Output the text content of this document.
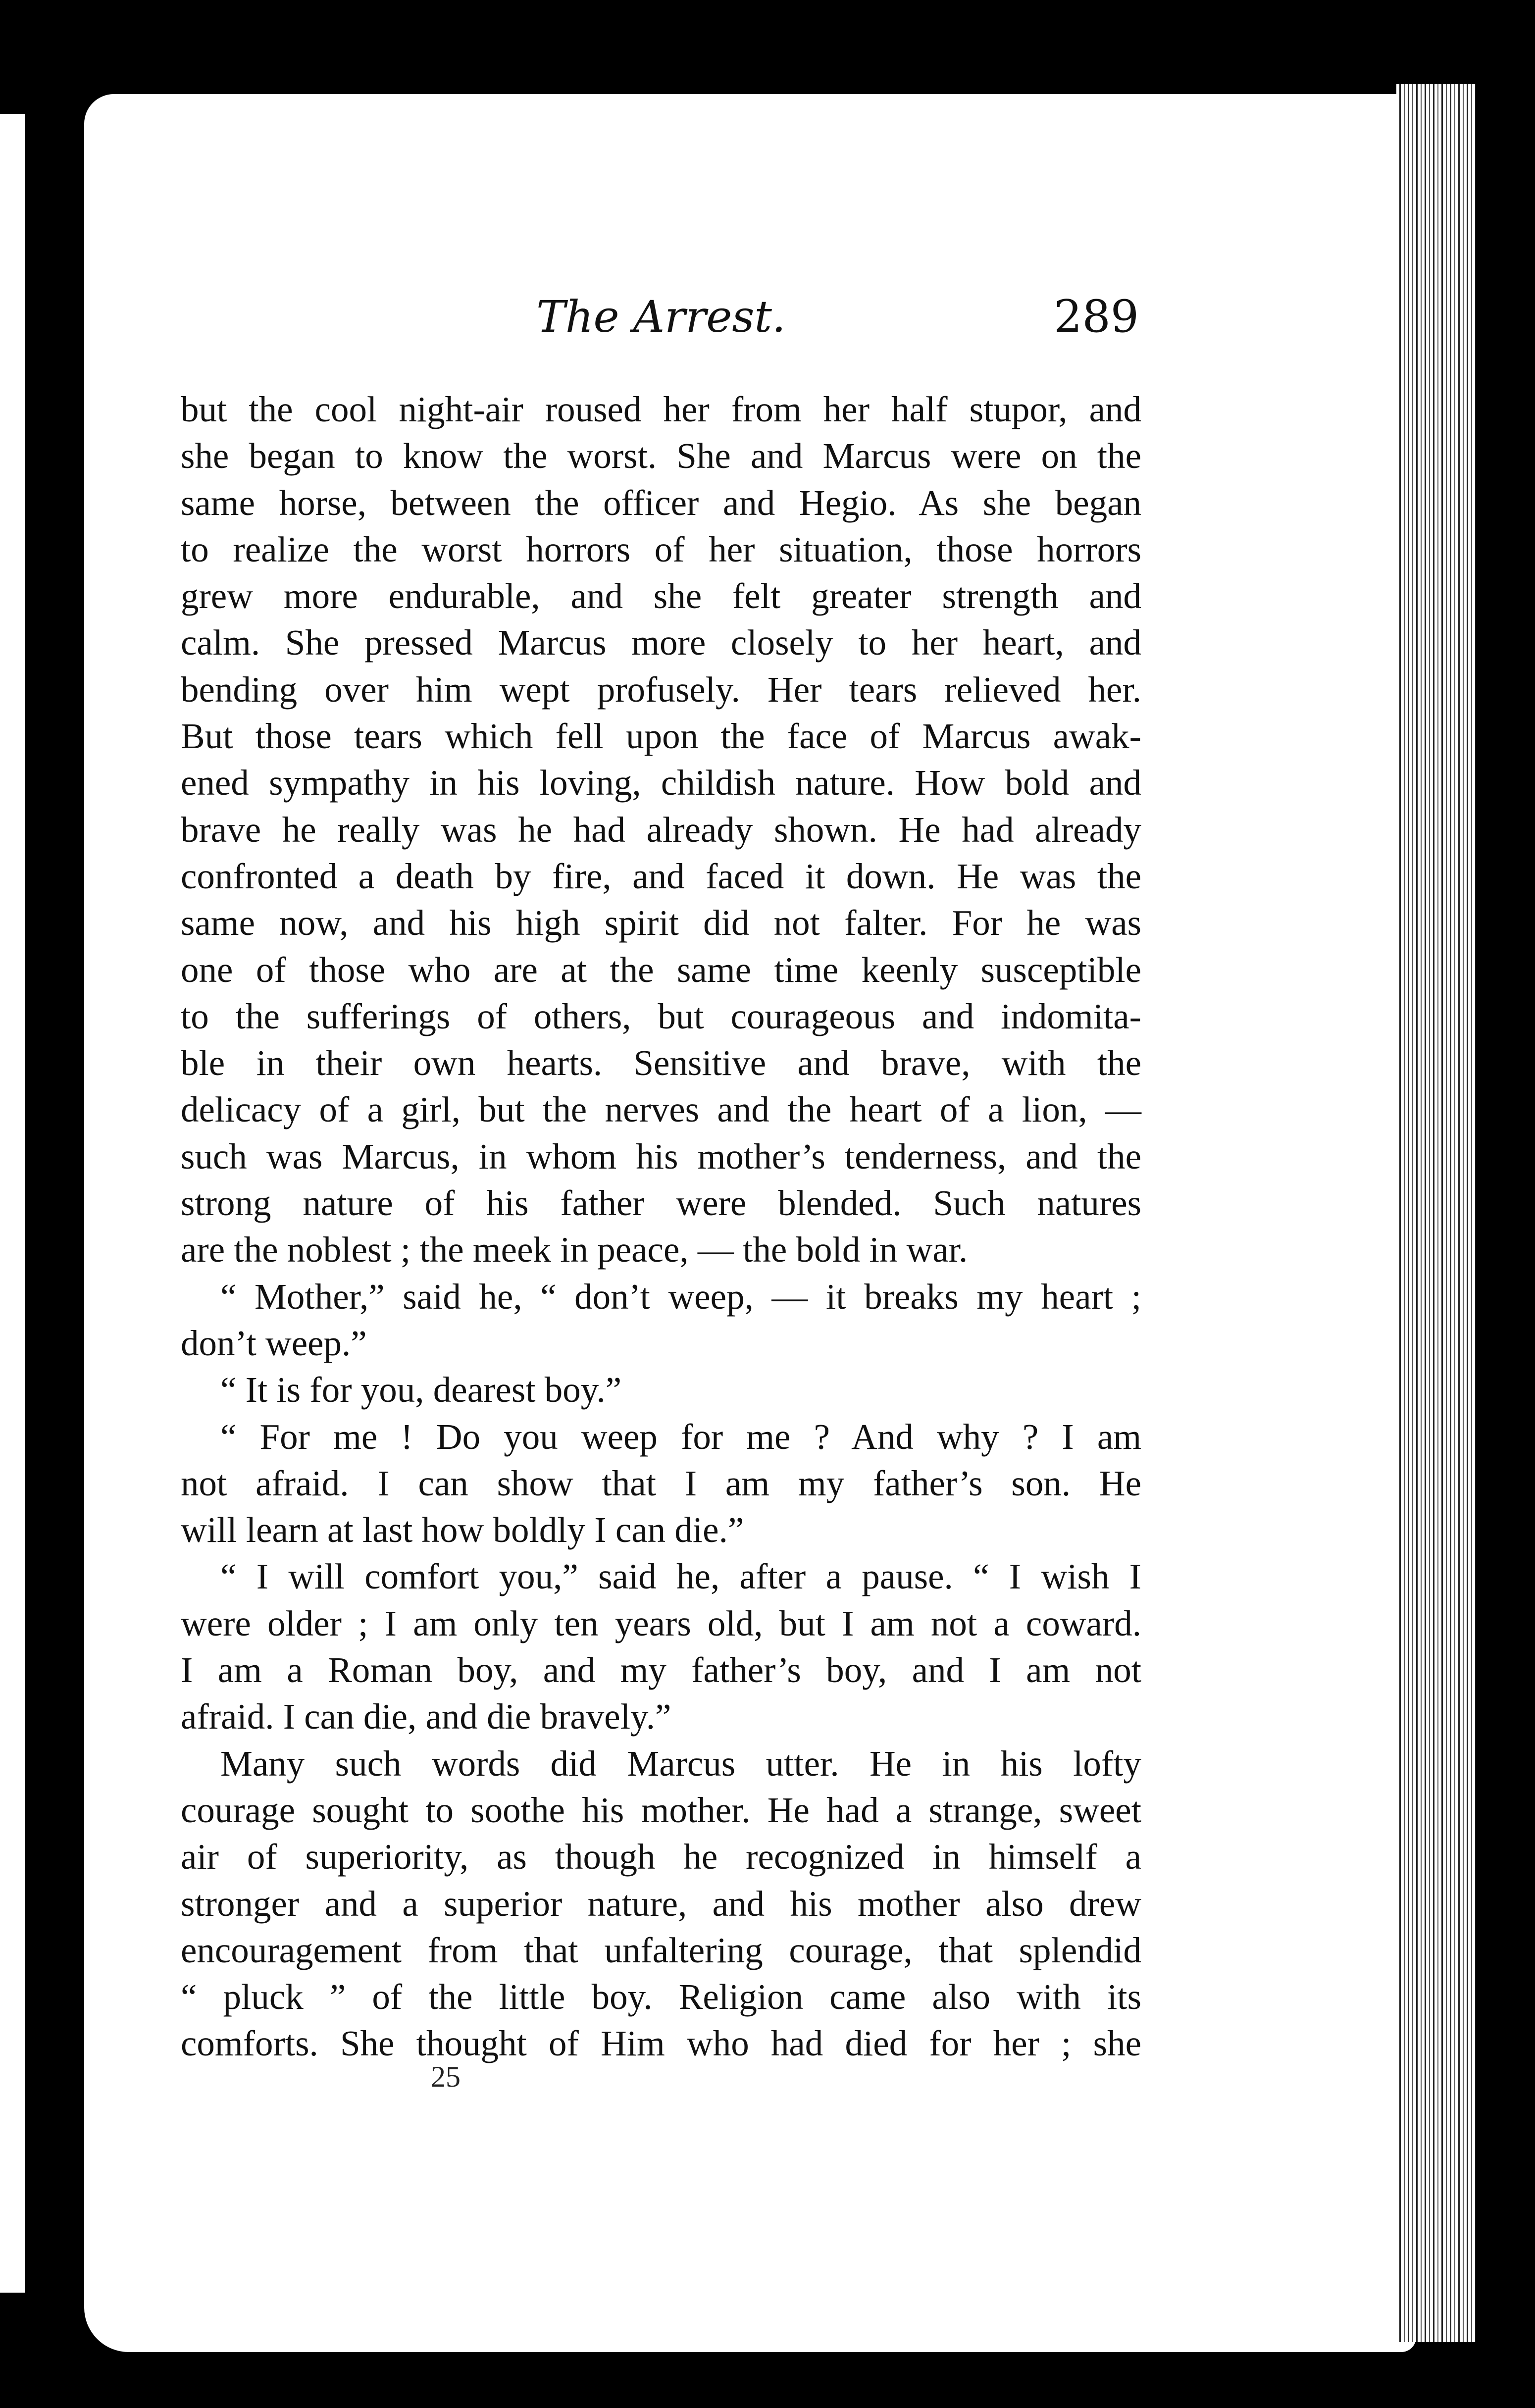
The Arrest.	289
but the cool night-air roused her from her half stupor, and
she began to know the worst. She and Marcus were on the
same horse, between the officer and Hegio. As she began
to realize the worst horrors of her situation, those horrors
grew more endurable, and she felt greater strength and
calm. She pressed Marcus more closely to her heart, and
bending over him wept profusely. Her tears relieved her.
But those tears which fell upon the face of Marcus awak-
ened sympathy in his loving, childish nature. How bold and
brave he really was he had already shown. He had already
confronted a death by fire, and faced it down. He was the
same now, and his high spirit did not falter. For he was
one of those who are at the same time keenly susceptible
to the sufferings of others, but courageous and indomita-
ble in their own hearts. Sensitive and brave, with the
delicacy of a girl, but the nerves and the heart of a lion, —
such was Marcus, in whom his mother’s tenderness, and the
strong nature of his father were blended. Such natures
are the noblest ; the meek in peace, — the bold in war.
“ Mother,” said he, “ don’t weep, — it breaks my heart ;
don’t weep.”
“ It is for you, dearest boy.”
“ For me ! Do you weep for me ? And why ? I am
not afraid. I can show that I am my father’s son. He
will learn at last how boldly I can die.”
“ I will comfort you,” said he, after a pause. “ I wish I
were older ; I am only ten years old, but I am not a coward.
I am a Roman boy, and my father’s boy, and I am not
afraid. I can die, and die bravely.”
Many such words did Marcus utter. He in his lofty
courage sought to soothe his mother. He had a strange, sweet
air of superiority, as though he recognized in himself a
stronger and a superior nature, and his mother also drew
encouragement from that unfaltering courage, that splendid
“ pluck ” of the little boy. Religion came also with its
comforts. She thought of Him who had died for her ; she
25
